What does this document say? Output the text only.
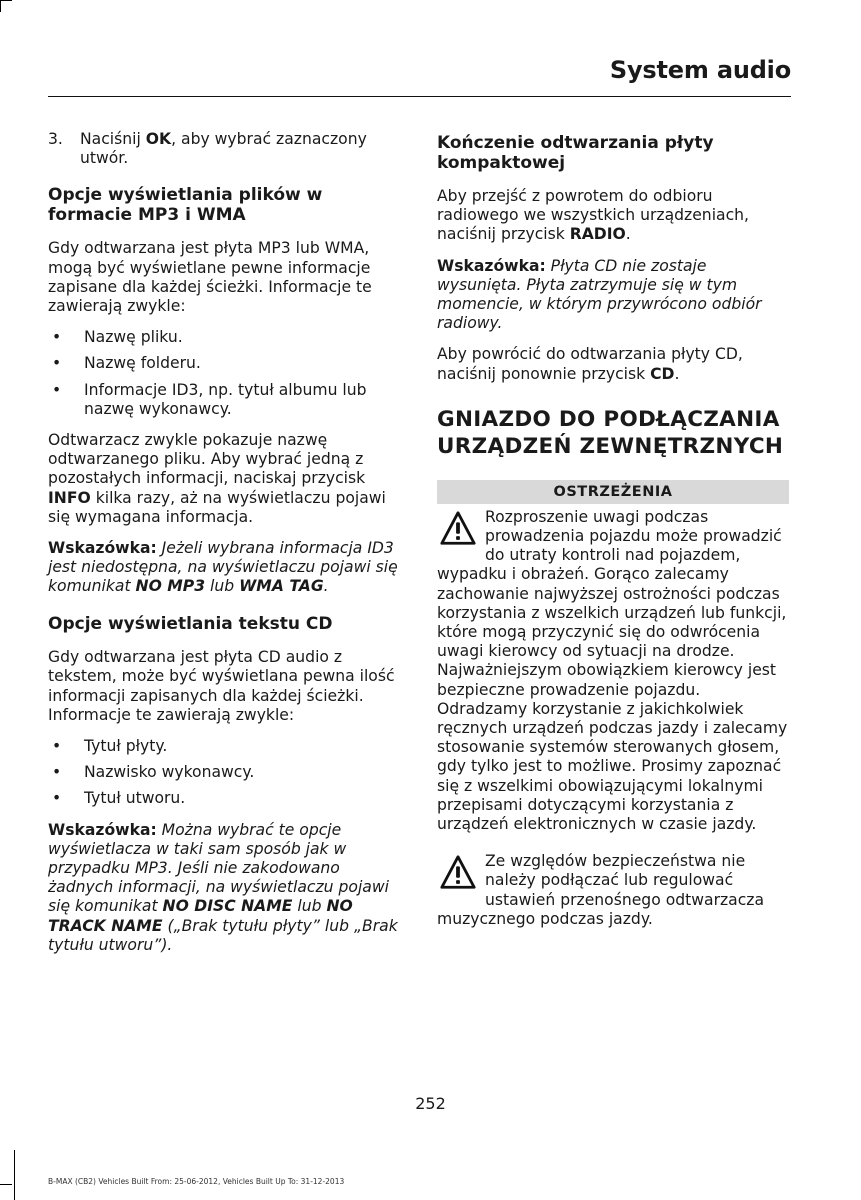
System audio
3.	Naciśnij OK, aby wybrać zaznaczony utwór.
Opcje wyświetlania plików w formacie MP3 i WMA

Gdy odtwarzana jest płyta MP3 lub WMA, mogą być wyświetlane pewne informacje zapisane dla każdej ścieżki. Informacje te zawierają zwykle:

•	Nazwę pliku.
•	Nazwę folderu.
•	Informacje ID3, np. tytuł albumu lub nazwę wykonawcy.

Odtwarzacz zwykle pokazuje nazwę odtwarzanego pliku. Aby wybrać jedną z pozostałych informacji, naciskaj przycisk INFO kilka razy, aż na wyświetlaczu pojawi się wymagana informacja.

Wskazówka: Jeżeli wybrana informacja ID3 jest niedostępna, na wyświetlaczu pojawi się komunikat NO MP3 lub WMA TAG.

Opcje wyświetlania tekstu CD

Gdy odtwarzana jest płyta CD audio z tekstem, może być wyświetlana pewna ilość informacji zapisanych dla każdej ścieżki. Informacje te zawierają zwykle:

•	Tytuł płyty.
•	Nazwisko wykonawcy.
•	Tytuł utworu.

Wskazówka: Można wybrać te opcje wyświetlacza w taki sam sposób jak w przypadku MP3. Jeśli nie zakodowano żadnych informacji, na wyświetlaczu pojawi się komunikat NO DISC NAME lub NO TRACK NAME („Brak tytułu płyty” lub „Brak tytułu utworu”).

Kończenie odtwarzania płyty kompaktowej

Aby przejść z powrotem do odbioru radiowego we wszystkich urządzeniach, naciśnij przycisk RADIO.

Wskazówka: Płyta CD nie zostaje wysunięta. Płyta zatrzymuje się w tym momencie, w którym przywrócono odbiór radiowy.

Aby powrócić do odtwarzania płyty CD, naciśnij ponownie przycisk CD.

GNIAZDO DO PODŁĄCZANIA URZĄDZEŃ ZEWNĘTRZNYCH
OSTRZEŻENIA
Rozproszenie uwagi podczas prowadzenia pojazdu może prowadzić do utraty kontroli nad pojazdem, wypadku i obrażeń. Gorąco zalecamy zachowanie najwyższej ostrożności podczas korzystania z wszelkich urządzeń lub funkcji, które mogą przyczynić się do odwrócenia uwagi kierowcy od sytuacji na drodze. Najważniejszym obowiązkiem kierowcy jest bezpieczne prowadzenie pojazdu. Odradzamy korzystanie z jakichkolwiek ręcznych urządzeń podczas jazdy i zalecamy stosowanie systemów sterowanych głosem, gdy tylko jest to możliwe. Prosimy zapoznać się z wszelkimi obowiązującymi lokalnymi przepisami dotyczącymi korzystania z urządzeń elektronicznych w czasie jazdy.
Ze względów bezpieczeństwa nie należy podłączać lub regulować ustawień przenośnego odtwarzacza muzycznego podczas jazdy.
252
B-MAX (CB2) Vehicles Built From: 25-06-2012, Vehicles Built Up To: 31-12-2013
